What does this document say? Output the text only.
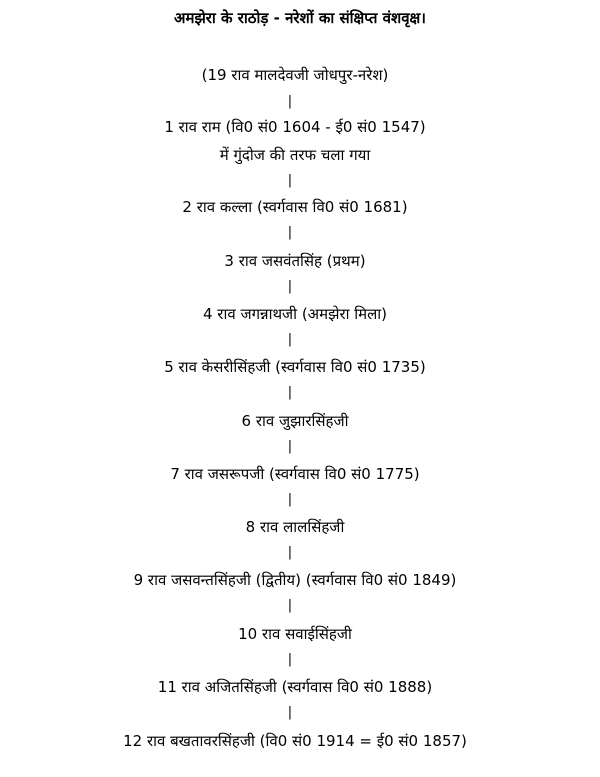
अमझेरा के राठोड़ - नरेशों का संक्षिप्त वंशवृक्ष।
(19 राव मालदेवजी जोधपुर-नरेश)
|
1 राव राम (वि0 सं0 1604 - ई0 सं0 1547)
में गुंदोज की तरफ चला गया
|
2 राव कल्ला (स्वर्गवास वि0 सं0 1681)
|
3 राव जसवंतसिंह (प्रथम)
|
4 राव जगन्नाथजी (अमझेरा मिला)
|
5 राव केसरीसिंहजी (स्वर्गवास वि0 सं0 1735)
|
6 राव जुझारसिंहजी
|
7 राव जसरूपजी (स्वर्गवास वि0 सं0 1775)
|
8 राव लालसिंहजी
|
9 राव जसवन्तसिंहजी (द्वितीय) (स्वर्गवास वि0 सं0 1849)
|
10 राव सवाईसिंहजी
|
11 राव अजितसिंहजी (स्वर्गवास वि0 सं0 1888)
|
12 राव बखतावरसिंहजी (वि0 सं0 1914 = ई0 सं0 1857)
